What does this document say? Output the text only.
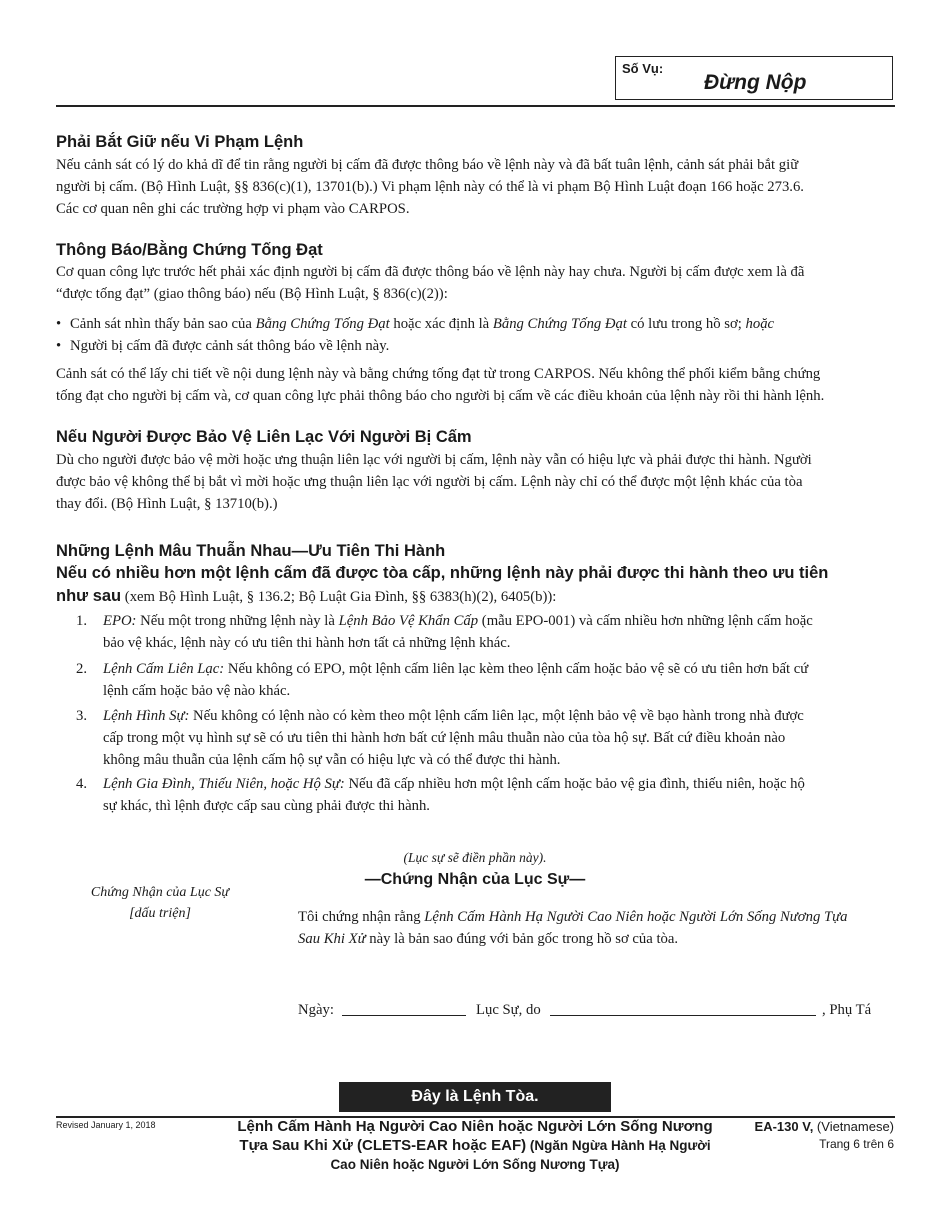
Số Vụ:
Đừng Nộp
Phải Bắt Giữ nếu Vi Phạm Lệnh
Nếu cảnh sát có lý do khả dĩ để tin rằng người bị cấm đã được thông báo về lệnh này và đã bất tuân lệnh, cảnh sát phải bắt giữ
người bị cấm. (Bộ Hình Luật, §§ 836(c)(1), 13701(b).) Vi phạm lệnh này có thể là vi phạm Bộ Hình Luật đoạn 166 hoặc 273.6.
Các cơ quan nên ghi các trường hợp vi phạm vào CARPOS.
Thông Báo/Bằng Chứng Tống Đạt
Cơ quan công lực trước hết phải xác định người bị cấm đã được thông báo về lệnh này hay chưa. Người bị cấm được xem là đã
“được tống đạt” (giao thông báo) nếu (Bộ Hình Luật, § 836(c)(2)):
• Cảnh sát nhìn thấy bản sao của Bằng Chứng Tống Đạt hoặc xác định là Bằng Chứng Tống Đạt có lưu trong hồ sơ; hoặc
• Người bị cấm đã được cảnh sát thông báo về lệnh này.
Cảnh sát có thể lấy chi tiết về nội dung lệnh này và bằng chứng tống đạt từ trong CARPOS. Nếu không thể phối kiểm bằng chứng
tống đạt cho người bị cấm và, cơ quan công lực phải thông báo cho người bị cấm về các điều khoản của lệnh này rồi thi hành lệnh.
Nếu Người Được Bảo Vệ Liên Lạc Với Người Bị Cấm
Dù cho người được bảo vệ mời hoặc ưng thuận liên lạc với người bị cấm, lệnh này vẫn có hiệu lực và phải được thi hành. Người
được bảo vệ không thể bị bắt vì mời hoặc ưng thuận liên lạc với người bị cấm. Lệnh này chỉ có thể được một lệnh khác của tòa
thay đổi. (Bộ Hình Luật, § 13710(b).)
Những Lệnh Mâu Thuẫn Nhau—Ưu Tiên Thi Hành
Nếu có nhiều hơn một lệnh cấm đã được tòa cấp, những lệnh này phải được thi hành theo ưu tiên
như sau (xem Bộ Hình Luật, § 136.2; Bộ Luật Gia Đình, §§ 6383(h)(2), 6405(b)):
1. EPO: Nếu một trong những lệnh này là Lệnh Bảo Vệ Khẩn Cấp (mẫu EPO-001) và cấm nhiều hơn những lệnh cấm hoặc
bảo vệ khác, lệnh này có ưu tiên thi hành hơn tất cả những lệnh khác.
2. Lệnh Cấm Liên Lạc: Nếu không có EPO, một lệnh cấm liên lạc kèm theo lệnh cấm hoặc bảo vệ sẽ có ưu tiên hơn bất cứ
lệnh cấm hoặc bảo vệ nào khác.
3. Lệnh Hình Sự: Nếu không có lệnh nào có kèm theo một lệnh cấm liên lạc, một lệnh bảo vệ về bạo hành trong nhà được
cấp trong một vụ hình sự sẽ có ưu tiên thi hành hơn bất cứ lệnh mâu thuẫn nào của tòa hộ sự. Bất cứ điều khoản nào
không mâu thuẫn của lệnh cấm hộ sự vẫn có hiệu lực và có thể được thi hành.
4. Lệnh Gia Đình, Thiếu Niên, hoặc Hộ Sự: Nếu đã cấp nhiều hơn một lệnh cấm hoặc bảo vệ gia đình, thiếu niên, hoặc hộ
sự khác, thì lệnh được cấp sau cùng phải được thi hành.
(Lục sự sẽ điền phần này).
—Chứng Nhận của Lục Sự—
Chứng Nhận của Lục Sự
[dấu triện]	Tôi chứng nhận rằng Lệnh Cấm Hành Hạ Người Cao Niên hoặc Người Lớn Sống Nương Tựa
Sau Khi Xử này là bản sao đúng với bản gốc trong hồ sơ của tòa.
Ngày:	Lục Sự, do	, Phụ Tá
Đây là Lệnh Tòa.
Revised January 1, 2018	Lệnh Cấm Hành Hạ Người Cao Niên hoặc Người Lớn Sống Nương
Tựa Sau Khi Xử (CLETS-EAR hoặc EAF) (Ngăn Ngừa Hành Hạ Người
Cao Niên hoặc Người Lớn Sống Nương Tựa)
EA-130 V, (Vietnamese)
Trang 6 trên 6
